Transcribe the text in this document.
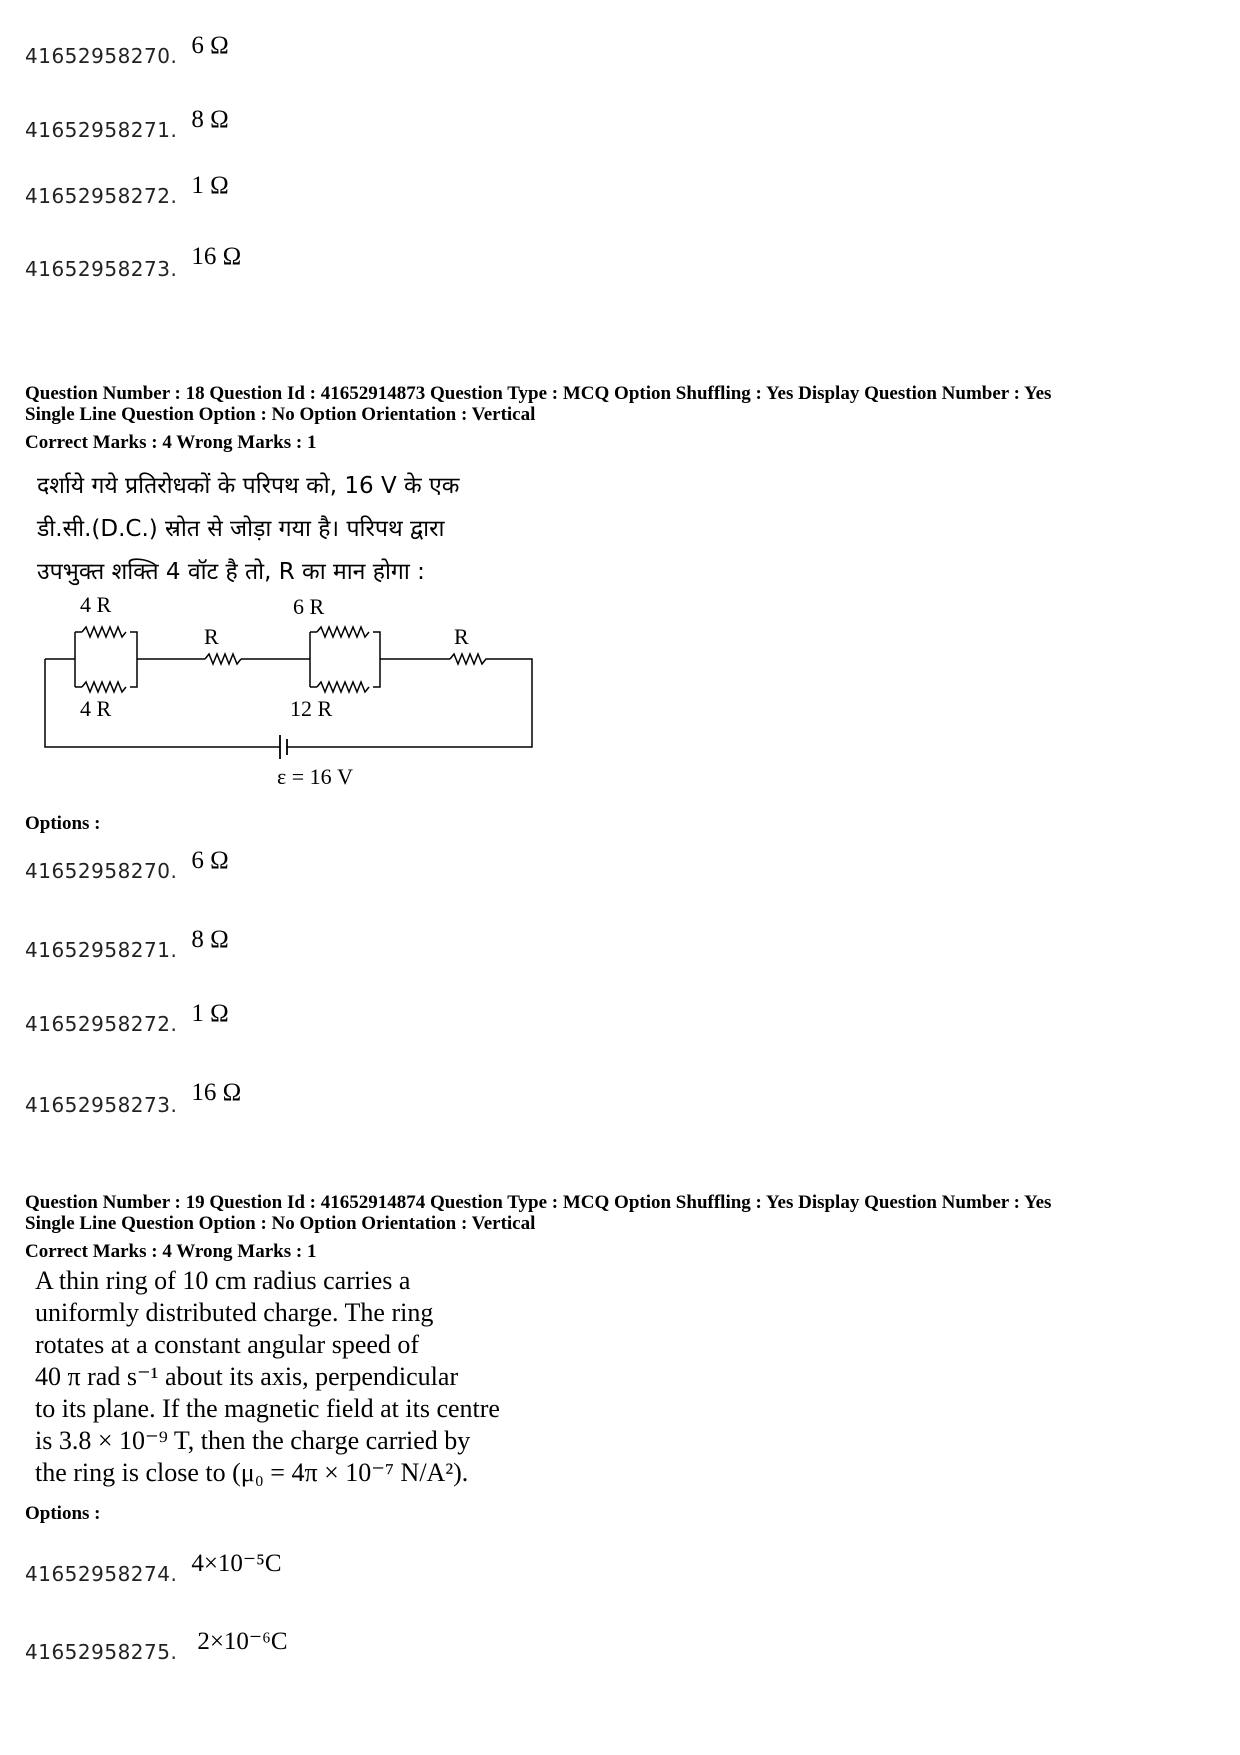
41652958270. 6 Ω
41652958271. 8 Ω
41652958272. 1 Ω
41652958273. 16 Ω
Question Number : 18 Question Id : 41652914873 Question Type : MCQ Option Shuffling : Yes Display Question Number : Yes
Single Line Question Option : No Option Orientation : Vertical
Correct Marks : 4 Wrong Marks : 1
दर्शाये गये प्रतिरोधकों के परिपथ को, 16 V के एक
डी.सी.(D.C.) स्रोत से जोड़ा गया है। परिपथ द्वारा
उपभुक्त शक्ति 4 वॉट है तो, R का मान होगा :
4 R
4 R
R
6 R
12 R
R
ε = 16 V
Options :
41652958270. 6 Ω
41652958271. 8 Ω
41652958272. 1 Ω
41652958273. 16 Ω
Question Number : 19 Question Id : 41652914874 Question Type : MCQ Option Shuffling : Yes Display Question Number : Yes
Single Line Question Option : No Option Orientation : Vertical
Correct Marks : 4 Wrong Marks : 1
A thin ring of 10 cm radius carries a
uniformly distributed charge. The ring
rotates at a constant angular speed of
40 π rad s⁻¹ about its axis, perpendicular
to its plane. If the magnetic field at its centre
is 3.8 × 10⁻⁹ T, then the charge carried by
the ring is close to (μ₀ = 4π × 10⁻⁷ N/A²).
Options :
41652958274. 4×10⁻⁵C
41652958275. 2×10⁻⁶C
